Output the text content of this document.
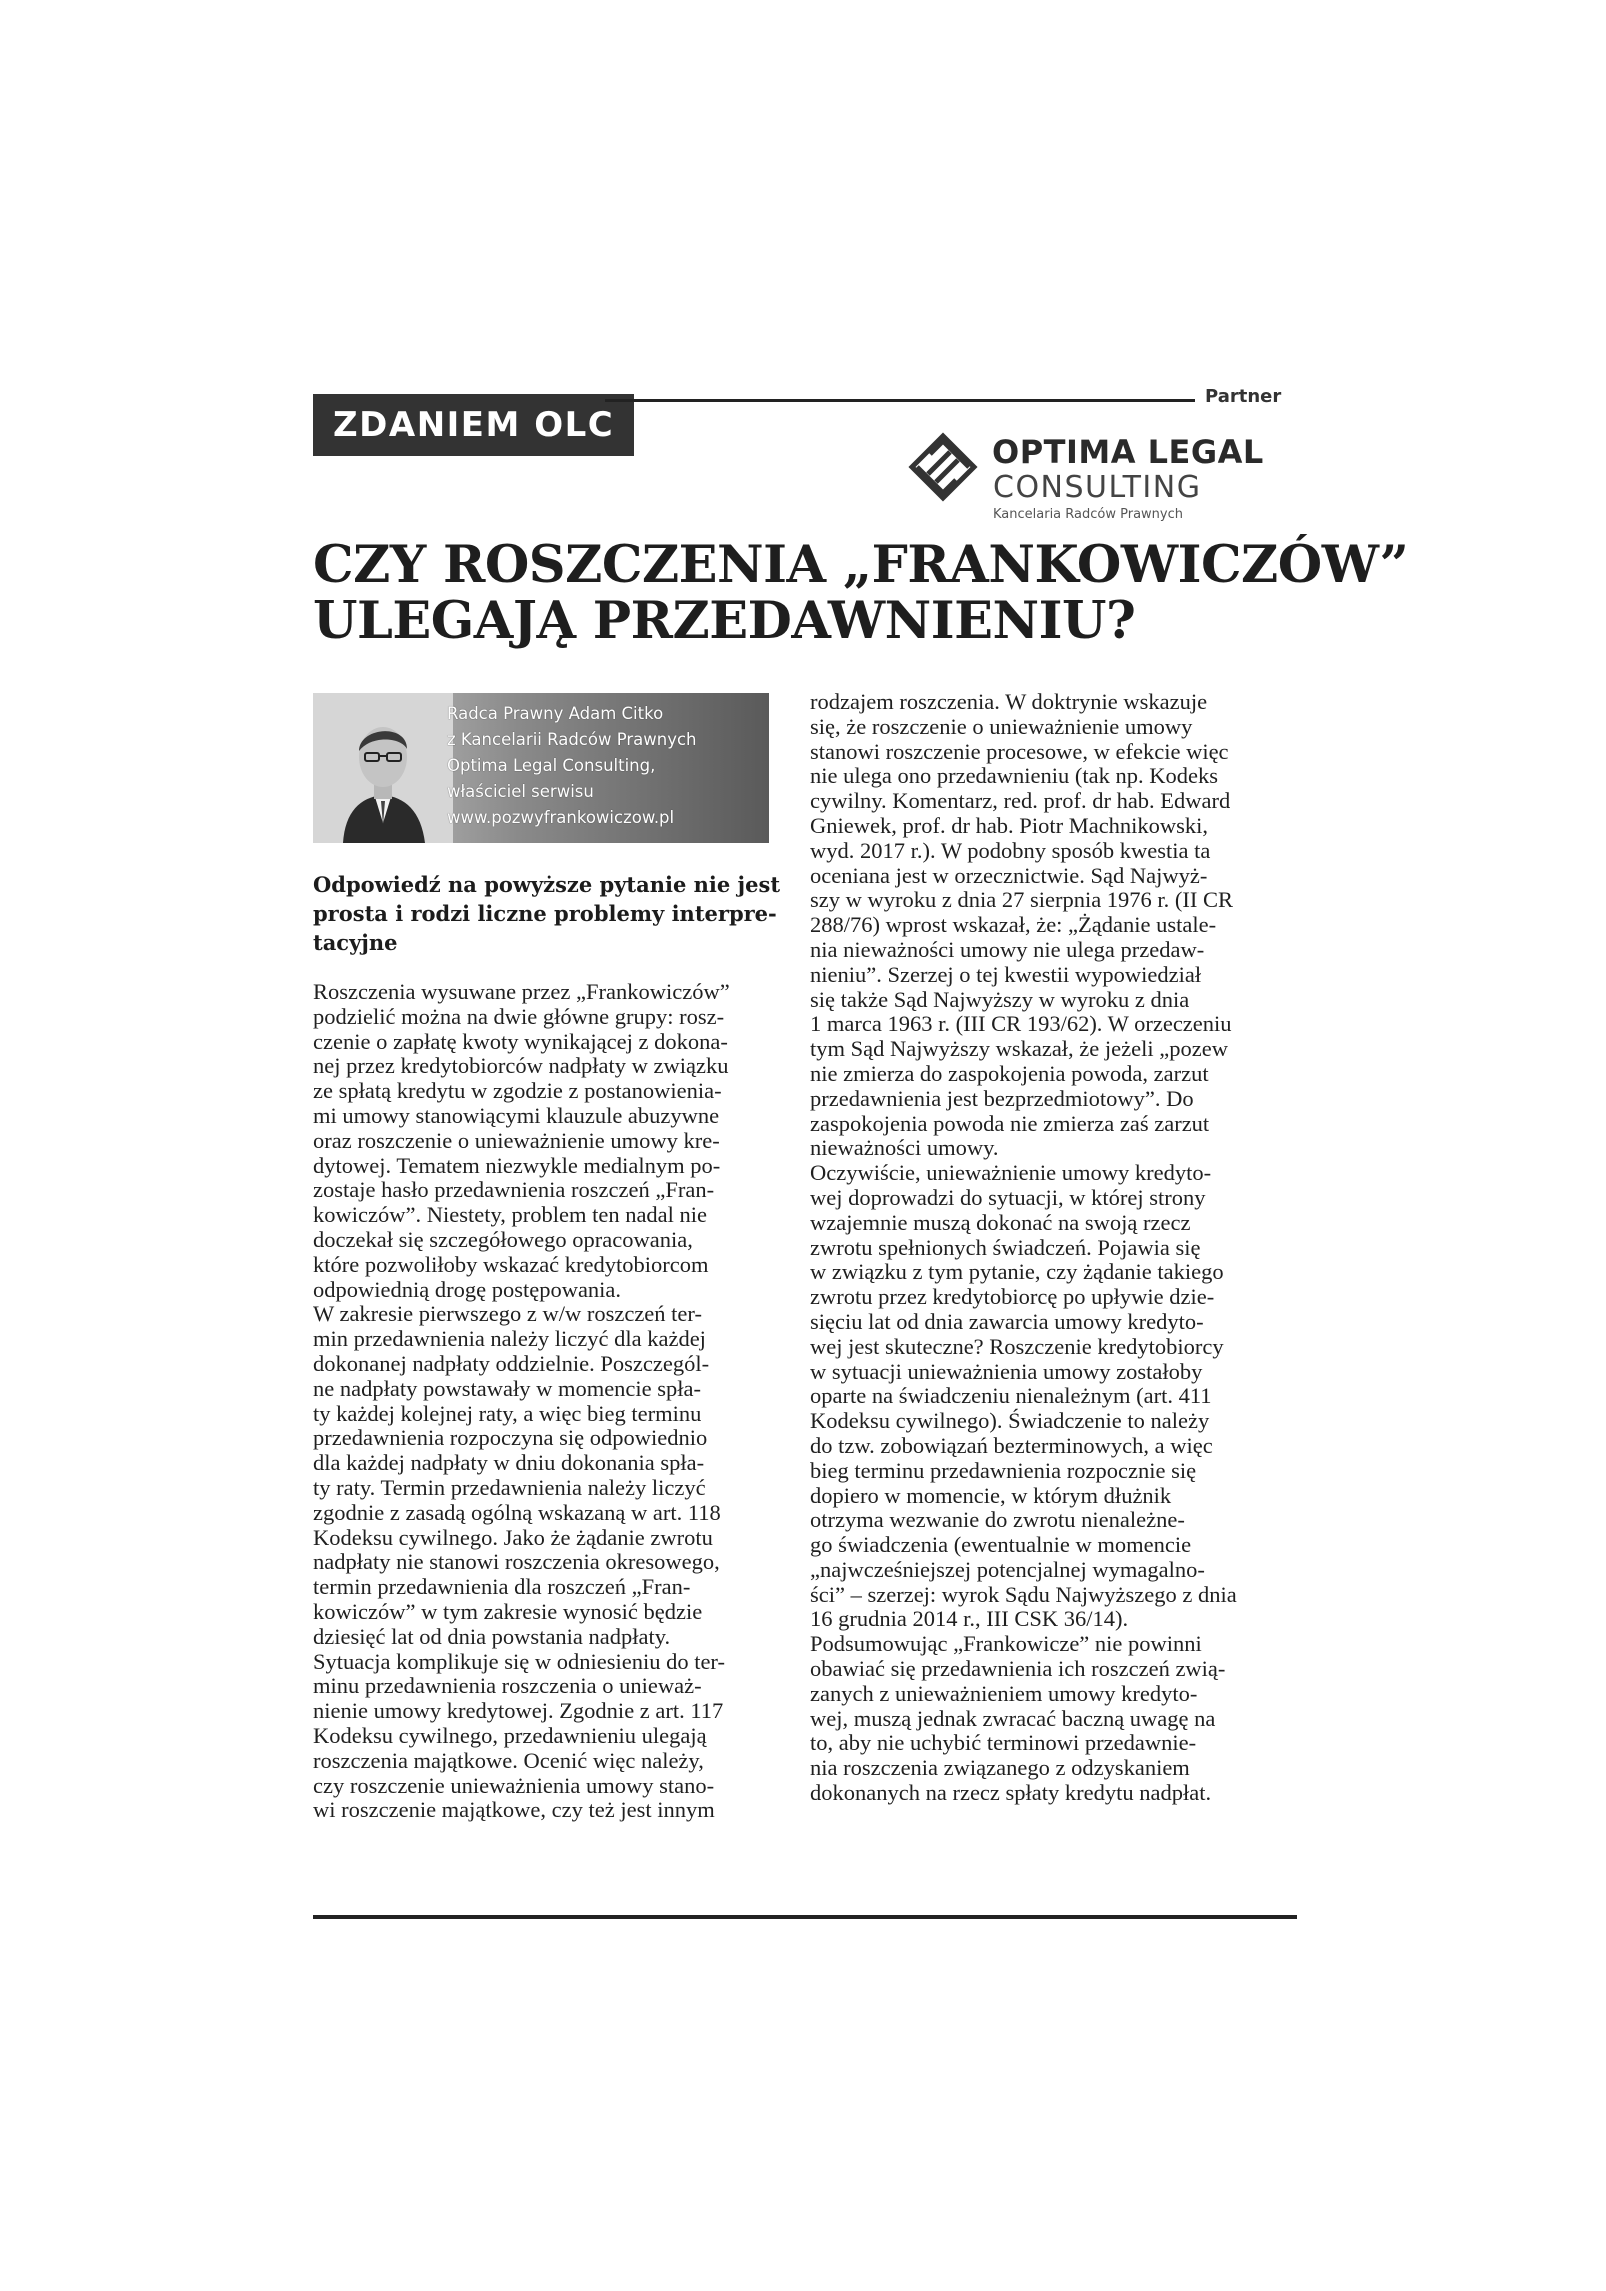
ZDANIEM OLC
Partner
OPTIMA LEGAL
CONSULTING
Kancelaria Radców Prawnych
CZY ROSZCZENIA „FRANKOWICZÓW”
ULEGAJĄ PRZEDAWNIENIU?
Radca Prawny Adam Citko
z Kancelarii Radców Prawnych
Optima Legal Consulting,
właściciel serwisu
www.pozwyfrankowiczow.pl
Odpowiedź na powyższe pytanie nie jest
prosta i rodzi liczne problemy interpre-
tacyjne
Roszczenia wysuwane przez „Frankowiczów”
podzielić można na dwie główne grupy: rosz-
czenie o zapłatę kwoty wynikającej z dokona-
nej przez kredytobiorców nadpłaty w związku
ze spłatą kredytu w zgodzie z postanowienia-
mi umowy stanowiącymi klauzule abuzywne
oraz roszczenie o unieważnienie umowy kre-
dytowej. Tematem niezwykle medialnym po-
zostaje hasło przedawnienia roszczeń „Fran-
kowiczów”. Niestety, problem ten nadal nie
doczekał się szczegółowego opracowania,
które pozwoliłoby wskazać kredytobiorcom
odpowiednią drogę postępowania.
W zakresie pierwszego z w/w roszczeń ter-
min przedawnienia należy liczyć dla każdej
dokonanej nadpłaty oddzielnie. Poszczegól-
ne nadpłaty powstawały w momencie spła-
ty każdej kolejnej raty, a więc bieg terminu
przedawnienia rozpoczyna się odpowiednio
dla każdej nadpłaty w dniu dokonania spła-
ty raty. Termin przedawnienia należy liczyć
zgodnie z zasadą ogólną wskazaną w art. 118
Kodeksu cywilnego. Jako że żądanie zwrotu
nadpłaty nie stanowi roszczenia okresowego,
termin przedawnienia dla roszczeń „Fran-
kowiczów” w tym zakresie wynosić będzie
dziesięć lat od dnia powstania nadpłaty.
Sytuacja komplikuje się w odniesieniu do ter-
minu przedawnienia roszczenia o unieważ-
nienie umowy kredytowej. Zgodnie z art. 117
Kodeksu cywilnego, przedawnieniu ulegają
roszczenia majątkowe. Ocenić więc należy,
czy roszczenie unieważnienia umowy stano-
wi roszczenie majątkowe, czy też jest innym
rodzajem roszczenia. W doktrynie wskazuje
się, że roszczenie o unieważnienie umowy
stanowi roszczenie procesowe, w efekcie więc
nie ulega ono przedawnieniu (tak np. Kodeks
cywilny. Komentarz, red. prof. dr hab. Edward
Gniewek, prof. dr hab. Piotr Machnikowski,
wyd. 2017 r.). W podobny sposób kwestia ta
oceniana jest w orzecznictwie. Sąd Najwyż-
szy w wyroku z dnia 27 sierpnia 1976 r. (II CR
288/76) wprost wskazał, że: „Żądanie ustale-
nia nieważności umowy nie ulega przedaw-
nieniu”. Szerzej o tej kwestii wypowiedział
się także Sąd Najwyższy w wyroku z dnia
1 marca 1963 r. (III CR 193/62). W orzeczeniu
tym Sąd Najwyższy wskazał, że jeżeli „pozew
nie zmierza do zaspokojenia powoda, zarzut
przedawnienia jest bezprzedmiotowy”. Do
zaspokojenia powoda nie zmierza zaś zarzut
nieważności umowy.
Oczywiście, unieważnienie umowy kredyto-
wej doprowadzi do sytuacji, w której strony
wzajemnie muszą dokonać na swoją rzecz
zwrotu spełnionych świadczeń. Pojawia się
w związku z tym pytanie, czy żądanie takiego
zwrotu przez kredytobiorcę po upływie dzie-
sięciu lat od dnia zawarcia umowy kredyto-
wej jest skuteczne? Roszczenie kredytobiorcy
w sytuacji unieważnienia umowy zostałoby
oparte na świadczeniu nienależnym (art. 411
Kodeksu cywilnego). Świadczenie to należy
do tzw. zobowiązań bezterminowych, a więc
bieg terminu przedawnienia rozpocznie się
dopiero w momencie, w którym dłużnik
otrzyma wezwanie do zwrotu nienależne-
go świadczenia (ewentualnie w momencie
„najwcześniejszej potencjalnej wymagalno-
ści” – szerzej: wyrok Sądu Najwyższego z dnia
16 grudnia 2014 r., III CSK 36/14).
Podsumowując „Frankowicze” nie powinni
obawiać się przedawnienia ich roszczeń zwią-
zanych z unieważnieniem umowy kredyto-
wej, muszą jednak zwracać baczną uwagę na
to, aby nie uchybić terminowi przedawnie-
nia roszczenia związanego z odzyskaniem
dokonanych na rzecz spłaty kredytu nadpłat.
